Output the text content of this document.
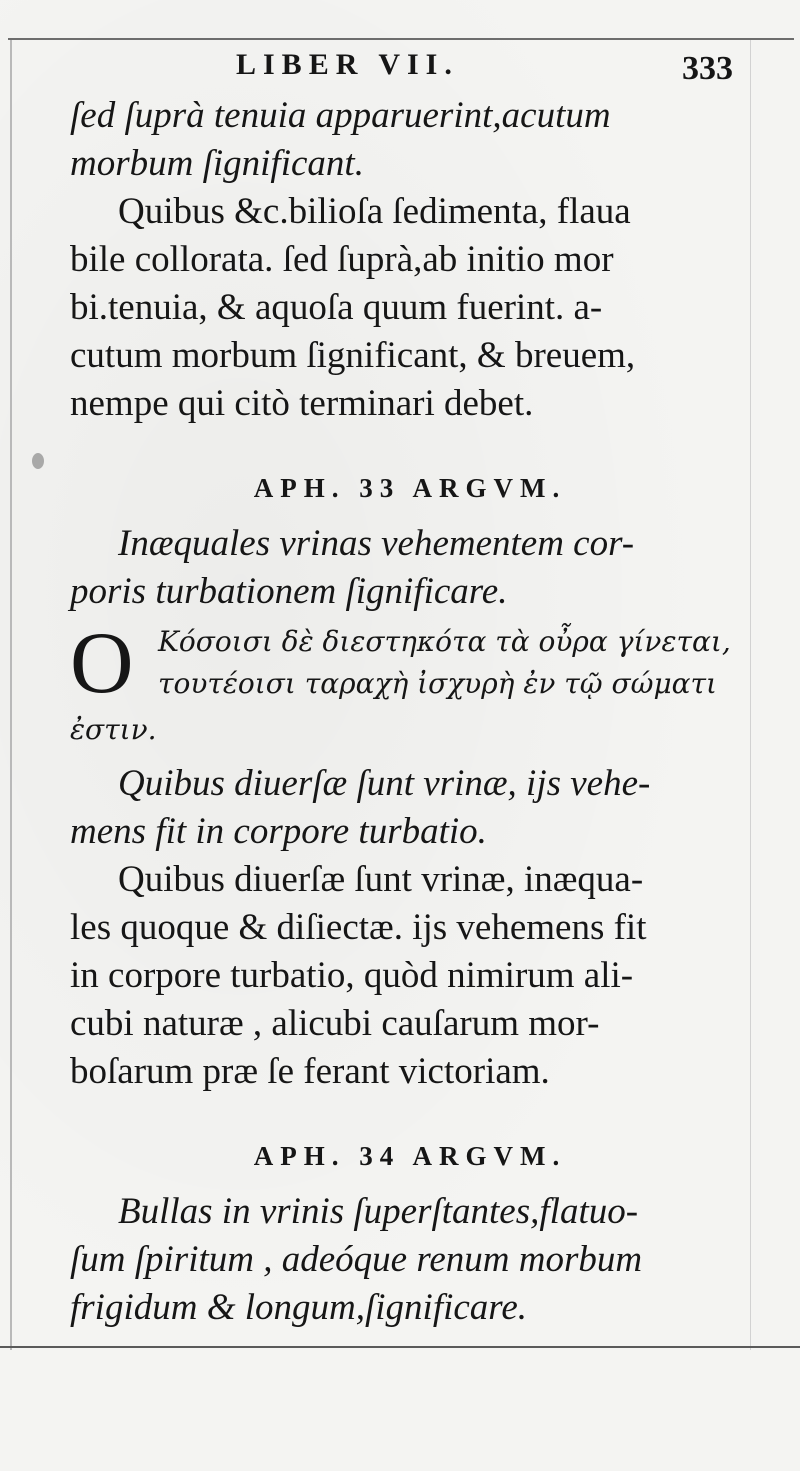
LIBER VII.	333
ſed ſuprà tenuia apparuerint,acutum
morbum ſignificant.
Quibus &c.bilioſa ſedimenta, flaua
bile collorata. ſed ſuprà,ab initio mor
bi.tenuia, & aquoſa quum fuerint. a-
cutum morbum ſignificant, & breuem,
nempe qui citò terminari debet.
APH. 33 ARGVM.
Inæquales vrinas vehementem cor-
poris turbationem ſignificare.
O Κόσοισι δὲ διεστηκότα τὰ οὖρα γίνεται,
τουτέοισι ταραχὴ ἰσχυρὴ ἐν τῷ σώματι
ἐστιν.
Quibus diuerſæ ſunt vrinæ, ijs vehe-
mens fit in corpore turbatio.
Quibus diuerſæ ſunt vrinæ, inæqua-
les quoque & diſiectæ. ijs vehemens fit
in corpore turbatio, quòd nimirum ali-
cubi naturæ , alicubi cauſarum mor-
boſarum præ ſe ferant victoriam.
APH. 34 ARGVM.
Bullas in vrinis ſuperſtantes,flatuo-
ſum ſpiritum , adeóque renum morbum
frigidum & longum,ſignificare.
